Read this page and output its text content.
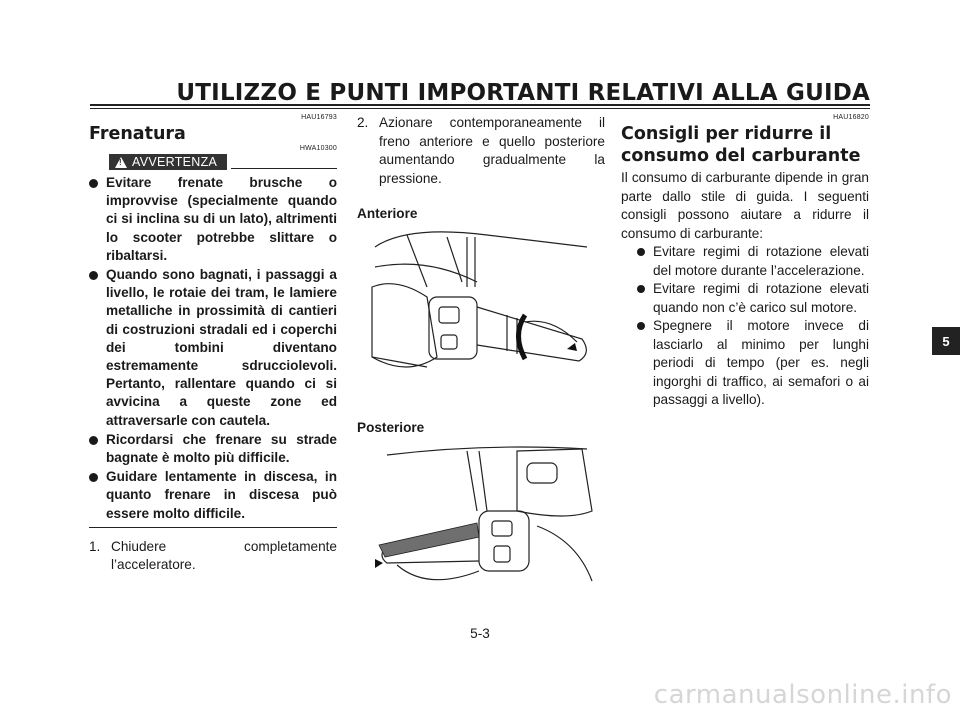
UTILIZZO E PUNTI IMPORTANTI RELATIVI ALLA GUIDA
HAU16793
Frenatura
HWA10300
!
AVVERTENZA
Evitare frenate brusche o improvvise (specialmente quando ci si inclina su di un lato), altrimenti lo scooter potrebbe slittare o ribaltarsi.
Quando sono bagnati, i passaggi a livello, le rotaie dei tram, le lamiere metalliche in prossimità di cantieri di costruzioni stradali ed i coperchi dei tombini diventano estremamente sdrucciolevoli. Pertanto, rallentare quando ci si avvicina a queste zone ed attraversarle con cautela.
Ricordarsi che frenare su strade bagnate è molto più difficile.
Guidare lentamente in discesa, in quanto frenare in discesa può essere molto difficile.
1. Chiudere completamente l’acceleratore.
2. Azionare contemporaneamente il freno anteriore e quello posteriore aumentando gradualmente la pressione.
Anteriore
Posteriore
HAU16820
Consigli per ridurre il consumo del carburante
Il consumo di carburante dipende in gran parte dallo stile di guida. I seguenti consigli possono aiutare a ridurre il consumo di carburante:
Evitare regimi di rotazione elevati del motore durante l’accelerazione.
Evitare regimi di rotazione elevati quando non c’è carico sul motore.
Spegnere il motore invece di lasciarlo al minimo per lunghi periodi di tempo (per es. negli ingorghi di traffico, ai semafori o ai passaggi a livello).
5
5-3
carmanualsonline.info
